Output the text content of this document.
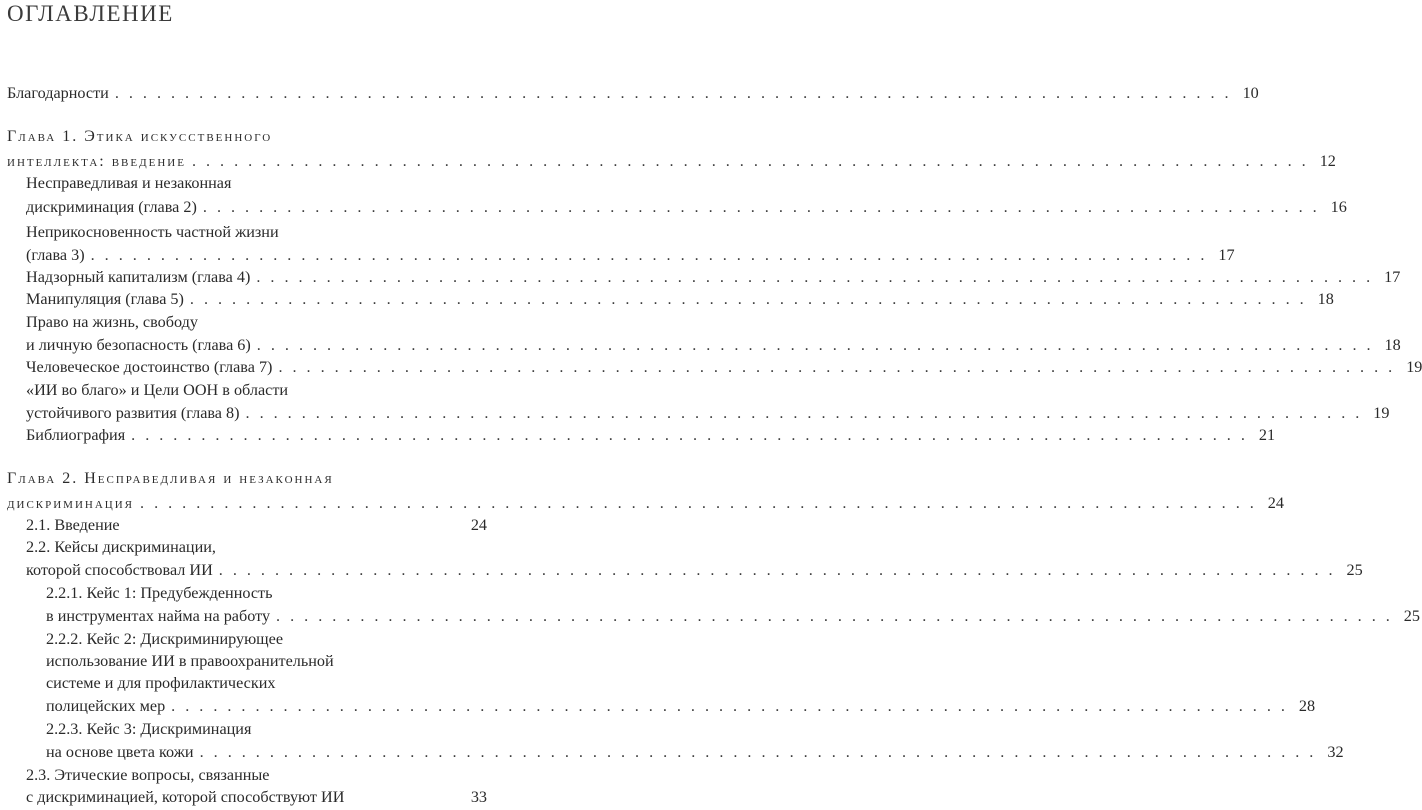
ОГЛАВЛЕНИЕ
Благодарности ................................................................................ 10
Глава 1. Этика искусственного
интеллекта: введение ................................................................................ 12
Несправедливая и незаконная
дискриминация (глава 2) ................................................................................ 16
Неприкосновенность частной жизни
(глава 3) ................................................................................ 17
Надзорный капитализм (глава 4) ................................................................................ 17
Манипуляция (глава 5) ................................................................................ 18
Право на жизнь, свободу
и личную безопасность (глава 6) ................................................................................ 18
Человеческое достоинство (глава 7) ................................................................................ 19
«ИИ во благо» и Цели ООН в области
устойчивого развития (глава 8) ................................................................................ 19
Библиография ................................................................................ 21
Глава 2. Несправедливая и незаконная
дискриминация ................................................................................ 24
2.1. Введение	24
2.2. Кейсы дискриминации,
которой способствовал ИИ ................................................................................ 25
2.2.1. Кейс 1: Предубежденность
в инструментах найма на работу ................................................................................ 25
2.2.2. Кейс 2: Дискриминирующее
использование ИИ в правоохранительной
системе и для профилактических
полицейских мер ................................................................................ 28
2.2.3. Кейс 3: Дискриминация
на основе цвета кожи ................................................................................ 32
2.3. Этические вопросы, связанные
с дискриминацией, которой способствуют ИИ	33
